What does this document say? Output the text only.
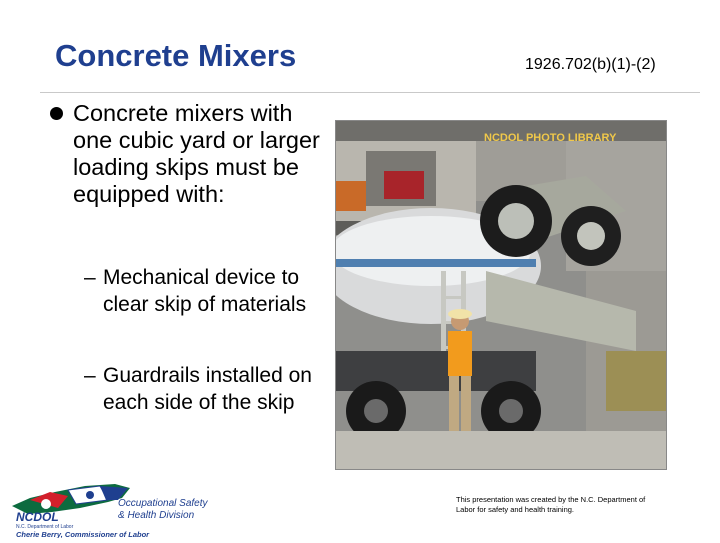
Concrete Mixers	1926.702(b)(1)-(2)
Concrete mixers with one cubic yard or larger loading skips must be equipped with:
– Mechanical device to clear skip of materials
– Guardrails installed on each side of the skip
NCDOL PHOTO LIBRARY
NCDOL
N.C. Department of Labor
Occupational Safety
& Health Division
Cherie Berry, Commissioner of Labor
This presentation was created by the N.C. Department of Labor for safety and health training.
